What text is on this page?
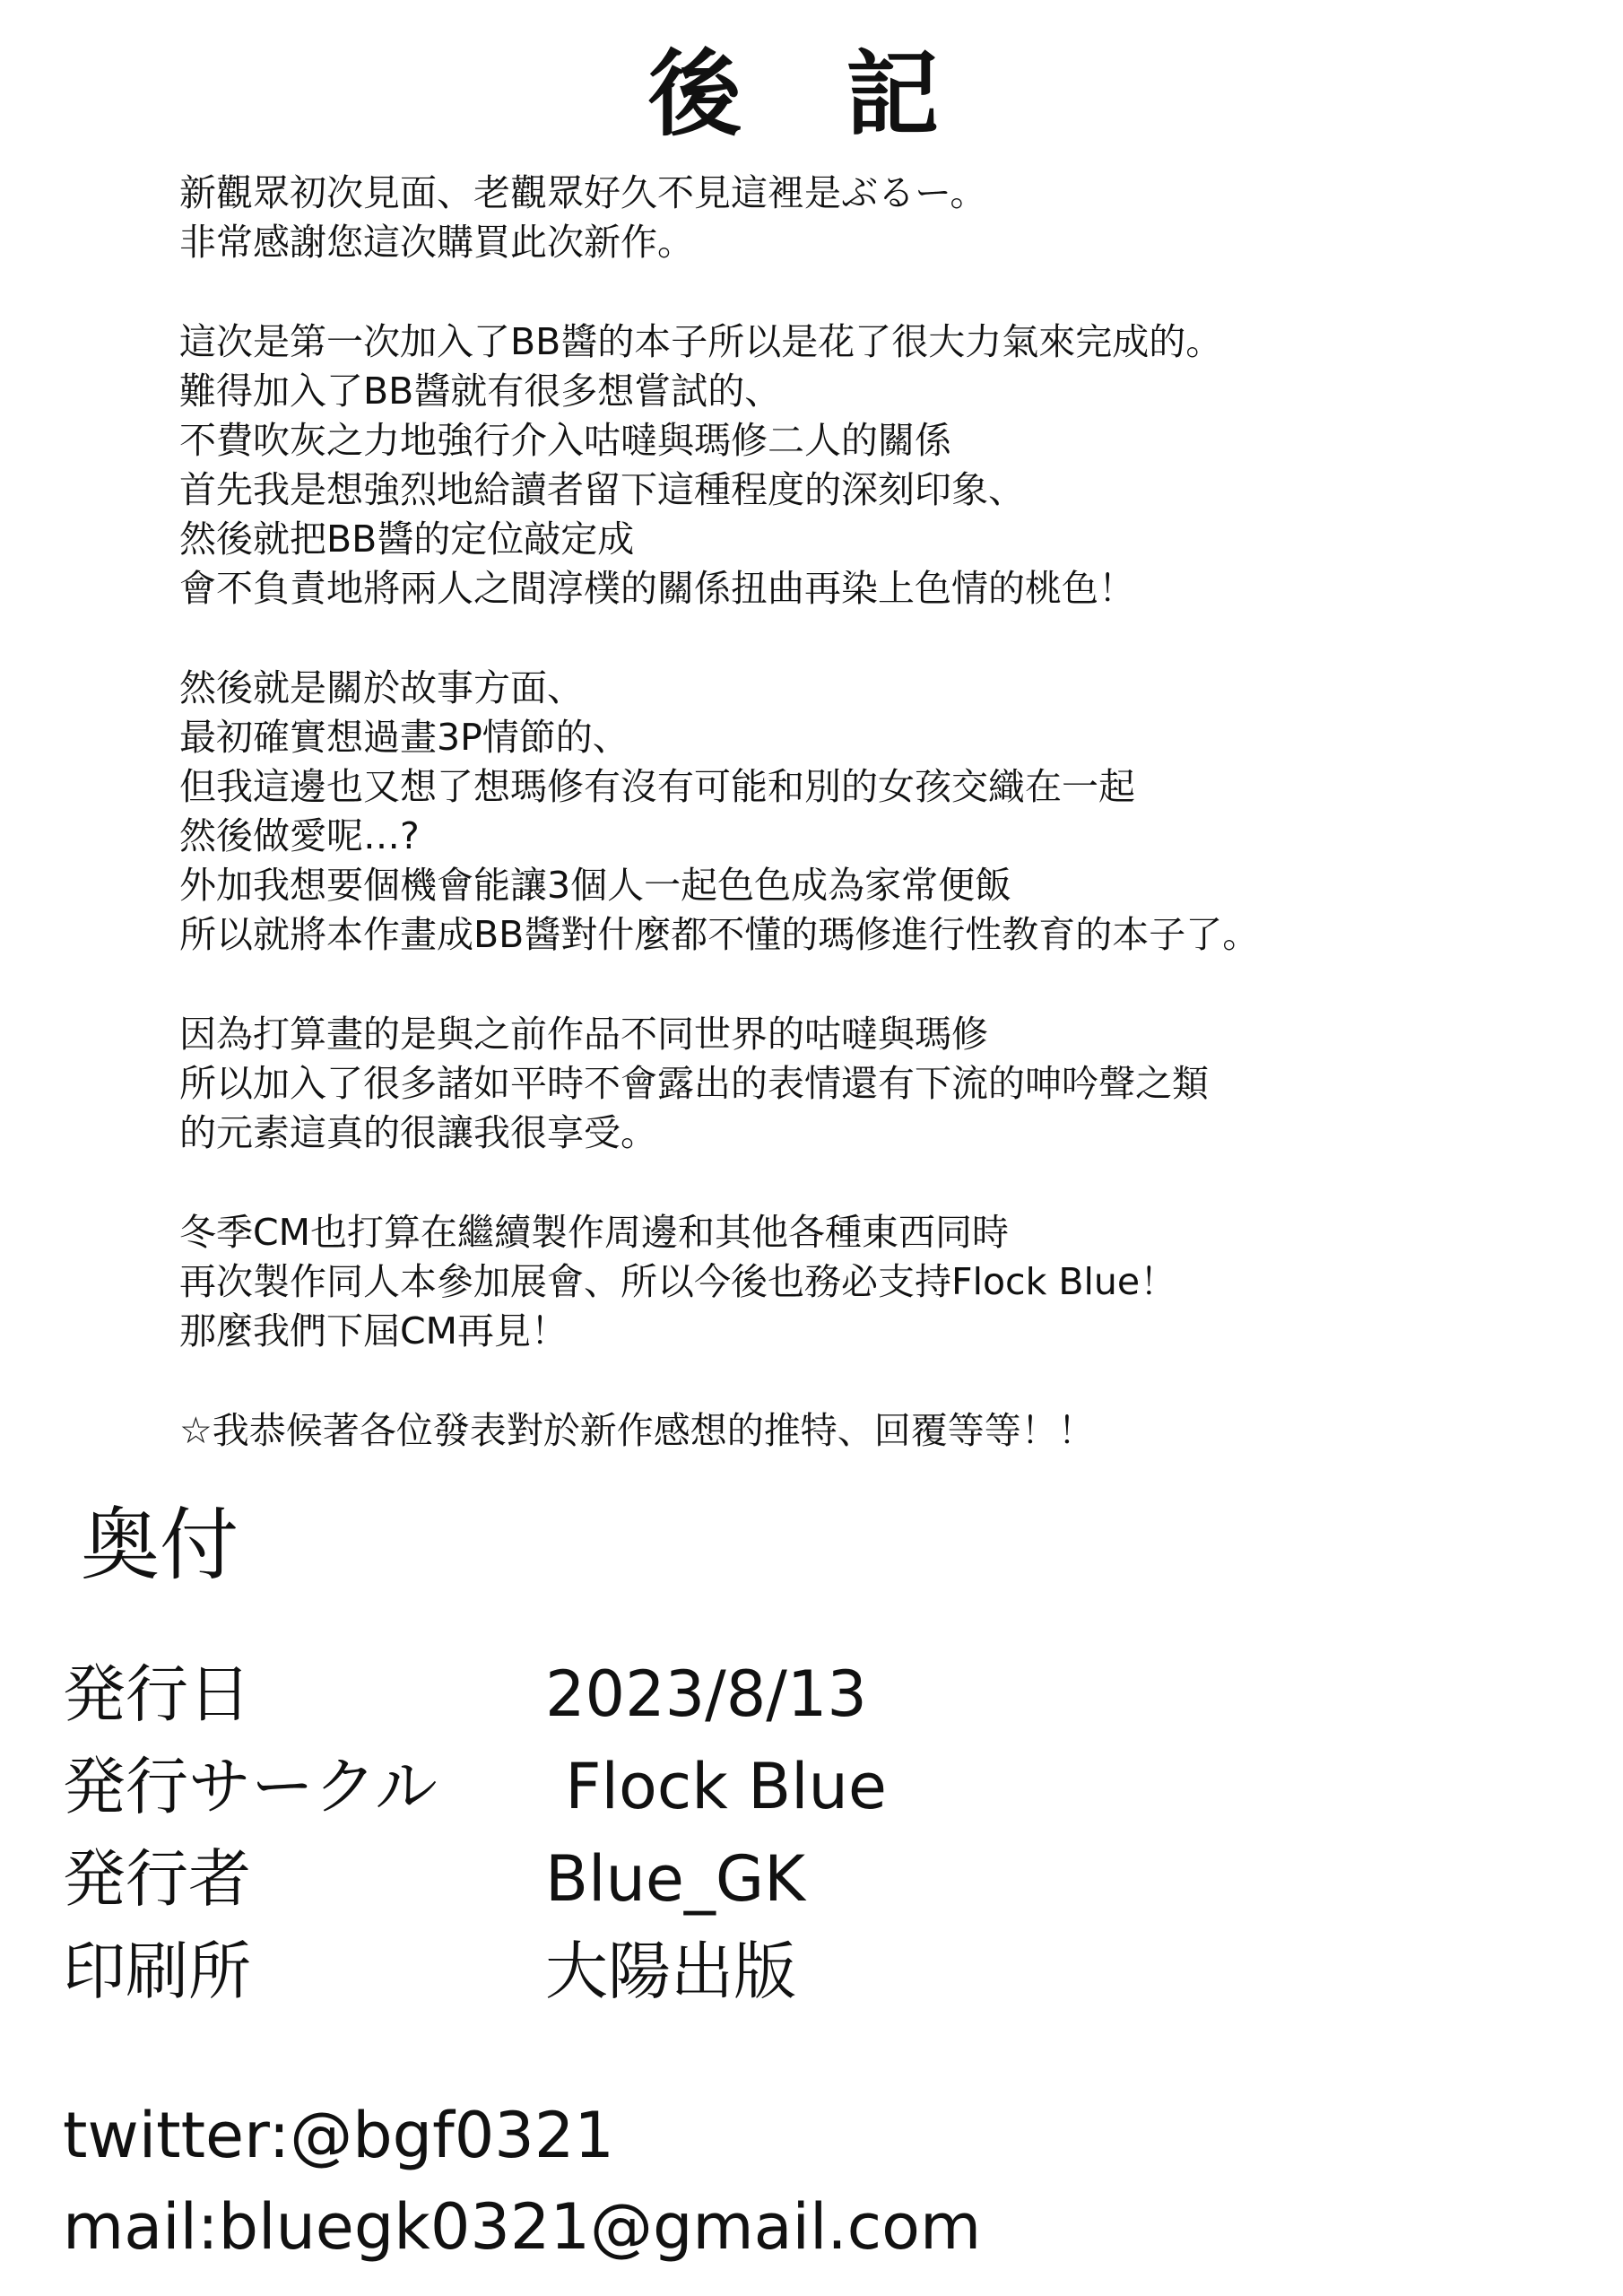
後 記
新觀眾初次見面、老觀眾好久不見這裡是ぶるー。
非常感謝您這次購買此次新作。
這次是第一次加入了BB醬的本子所以是花了很大力氣來完成的。
難得加入了BB醬就有很多想嘗試的、
不費吹灰之力地強行介入咕噠與瑪修二人的關係
首先我是想強烈地給讀者留下這種程度的深刻印象、
然後就把BB醬的定位敲定成
會不負責地將兩人之間淳樸的關係扭曲再染上色情的桃色！
然後就是關於故事方面、
最初確實想過畫3P情節的、
但我這邊也又想了想瑪修有沒有可能和別的女孩交織在一起
然後做愛呢…?
外加我想要個機會能讓3個人一起色色成為家常便飯
所以就將本作畫成BB醬對什麼都不懂的瑪修進行性教育的本子了。
因為打算畫的是與之前作品不同世界的咕噠與瑪修
所以加入了很多諸如平時不會露出的表情還有下流的呻吟聲之類
的元素這真的很讓我很享受。
冬季CM也打算在繼續製作周邊和其他各種東西同時
再次製作同人本參加展會、所以今後也務必支持Flock Blue！
那麼我們下屆CM再見！
☆我恭候著各位發表對於新作感想的推特、回覆等等！！
奥付
発行日	2023/8/13
発行サークル	Flock Blue
発行者	Blue_GK
印刷所	大陽出版
twitter:@bgf0321
mail:bluegk0321@gmail.com
